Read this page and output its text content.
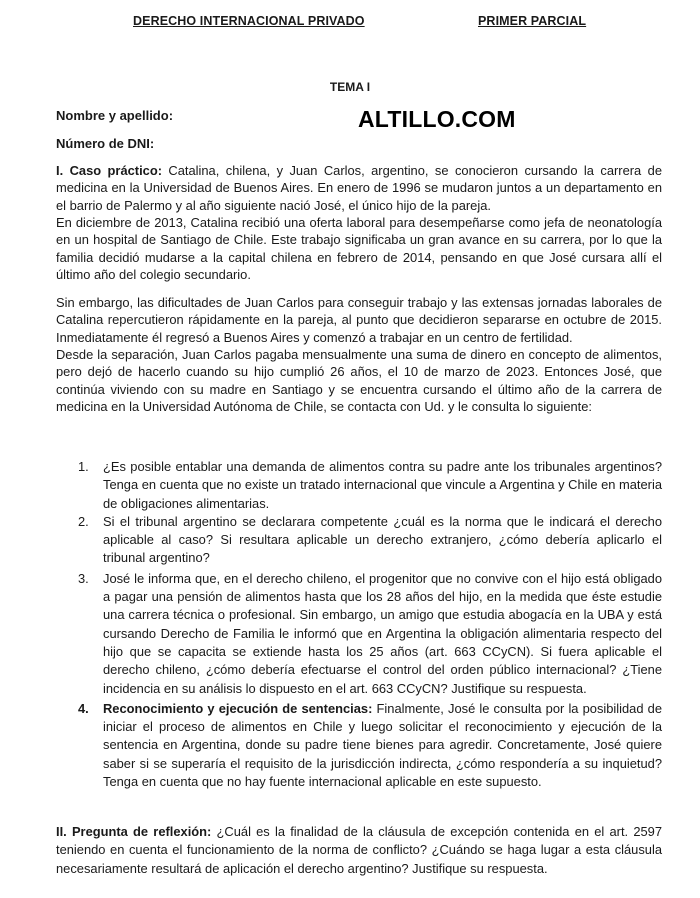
DERECHO INTERNACIONAL PRIVADO	PRIMER PARCIAL
TEMA I
Nombre y apellido:
Número de DNI:
ALTILLO.COM
I. Caso práctico: Catalina, chilena, y Juan Carlos, argentino, se conocieron cursando la carrera de medicina en la Universidad de Buenos Aires. En enero de 1996 se mudaron juntos a un departamento en el barrio de Palermo y al año siguiente nació José, el único hijo de la pareja.
En diciembre de 2013, Catalina recibió una oferta laboral para desempeñarse como jefa de neonatología en un hospital de Santiago de Chile. Este trabajo significaba un gran avance en su carrera, por lo que la familia decidió mudarse a la capital chilena en febrero de 2014, pensando en que José cursara allí el último año del colegio secundario.
Sin embargo, las dificultades de Juan Carlos para conseguir trabajo y las extensas jornadas laborales de Catalina repercutieron rápidamente en la pareja, al punto que decidieron separarse en octubre de 2015. Inmediatamente él regresó a Buenos Aires y comenzó a trabajar en un centro de fertilidad.
Desde la separación, Juan Carlos pagaba mensualmente una suma de dinero en concepto de alimentos, pero dejó de hacerlo cuando su hijo cumplió 26 años, el 10 de marzo de 2023. Entonces José, que continúa viviendo con su madre en Santiago y se encuentra cursando el último año de la carrera de medicina en la Universidad Autónoma de Chile, se contacta con Ud. y le consulta lo siguiente:
1. ¿Es posible entablar una demanda de alimentos contra su padre ante los tribunales argentinos? Tenga en cuenta que no existe un tratado internacional que vincule a Argentina y Chile en materia de obligaciones alimentarias.
2. Si el tribunal argentino se declarara competente ¿cuál es la norma que le indicará el derecho aplicable al caso? Si resultara aplicable un derecho extranjero, ¿cómo debería aplicarlo el tribunal argentino?
3. José le informa que, en el derecho chileno, el progenitor que no convive con el hijo está obligado a pagar una pensión de alimentos hasta que los 28 años del hijo, en la medida que éste estudie una carrera técnica o profesional. Sin embargo, un amigo que estudia abogacía en la UBA y está cursando Derecho de Familia le informó que en Argentina la obligación alimentaria respecto del hijo que se capacita se extiende hasta los 25 años (art. 663 CCyCN). Si fuera aplicable el derecho chileno, ¿cómo debería efectuarse el control del orden público internacional? ¿Tiene incidencia en su análisis lo dispuesto en el art. 663 CCyCN? Justifique su respuesta.
4. Reconocimiento y ejecución de sentencias: Finalmente, José le consulta por la posibilidad de iniciar el proceso de alimentos en Chile y luego solicitar el reconocimiento y ejecución de la sentencia en Argentina, donde su padre tiene bienes para agredir. Concretamente, José quiere saber si se superaría el requisito de la jurisdicción indirecta, ¿cómo respondería a su inquietud? Tenga en cuenta que no hay fuente internacional aplicable en este supuesto.
II. Pregunta de reflexión: ¿Cuál es la finalidad de la cláusula de excepción contenida en el art. 2597 teniendo en cuenta el funcionamiento de la norma de conflicto? ¿Cuándo se haga lugar a esta cláusula necesariamente resultará de aplicación el derecho argentino? Justifique su respuesta.
